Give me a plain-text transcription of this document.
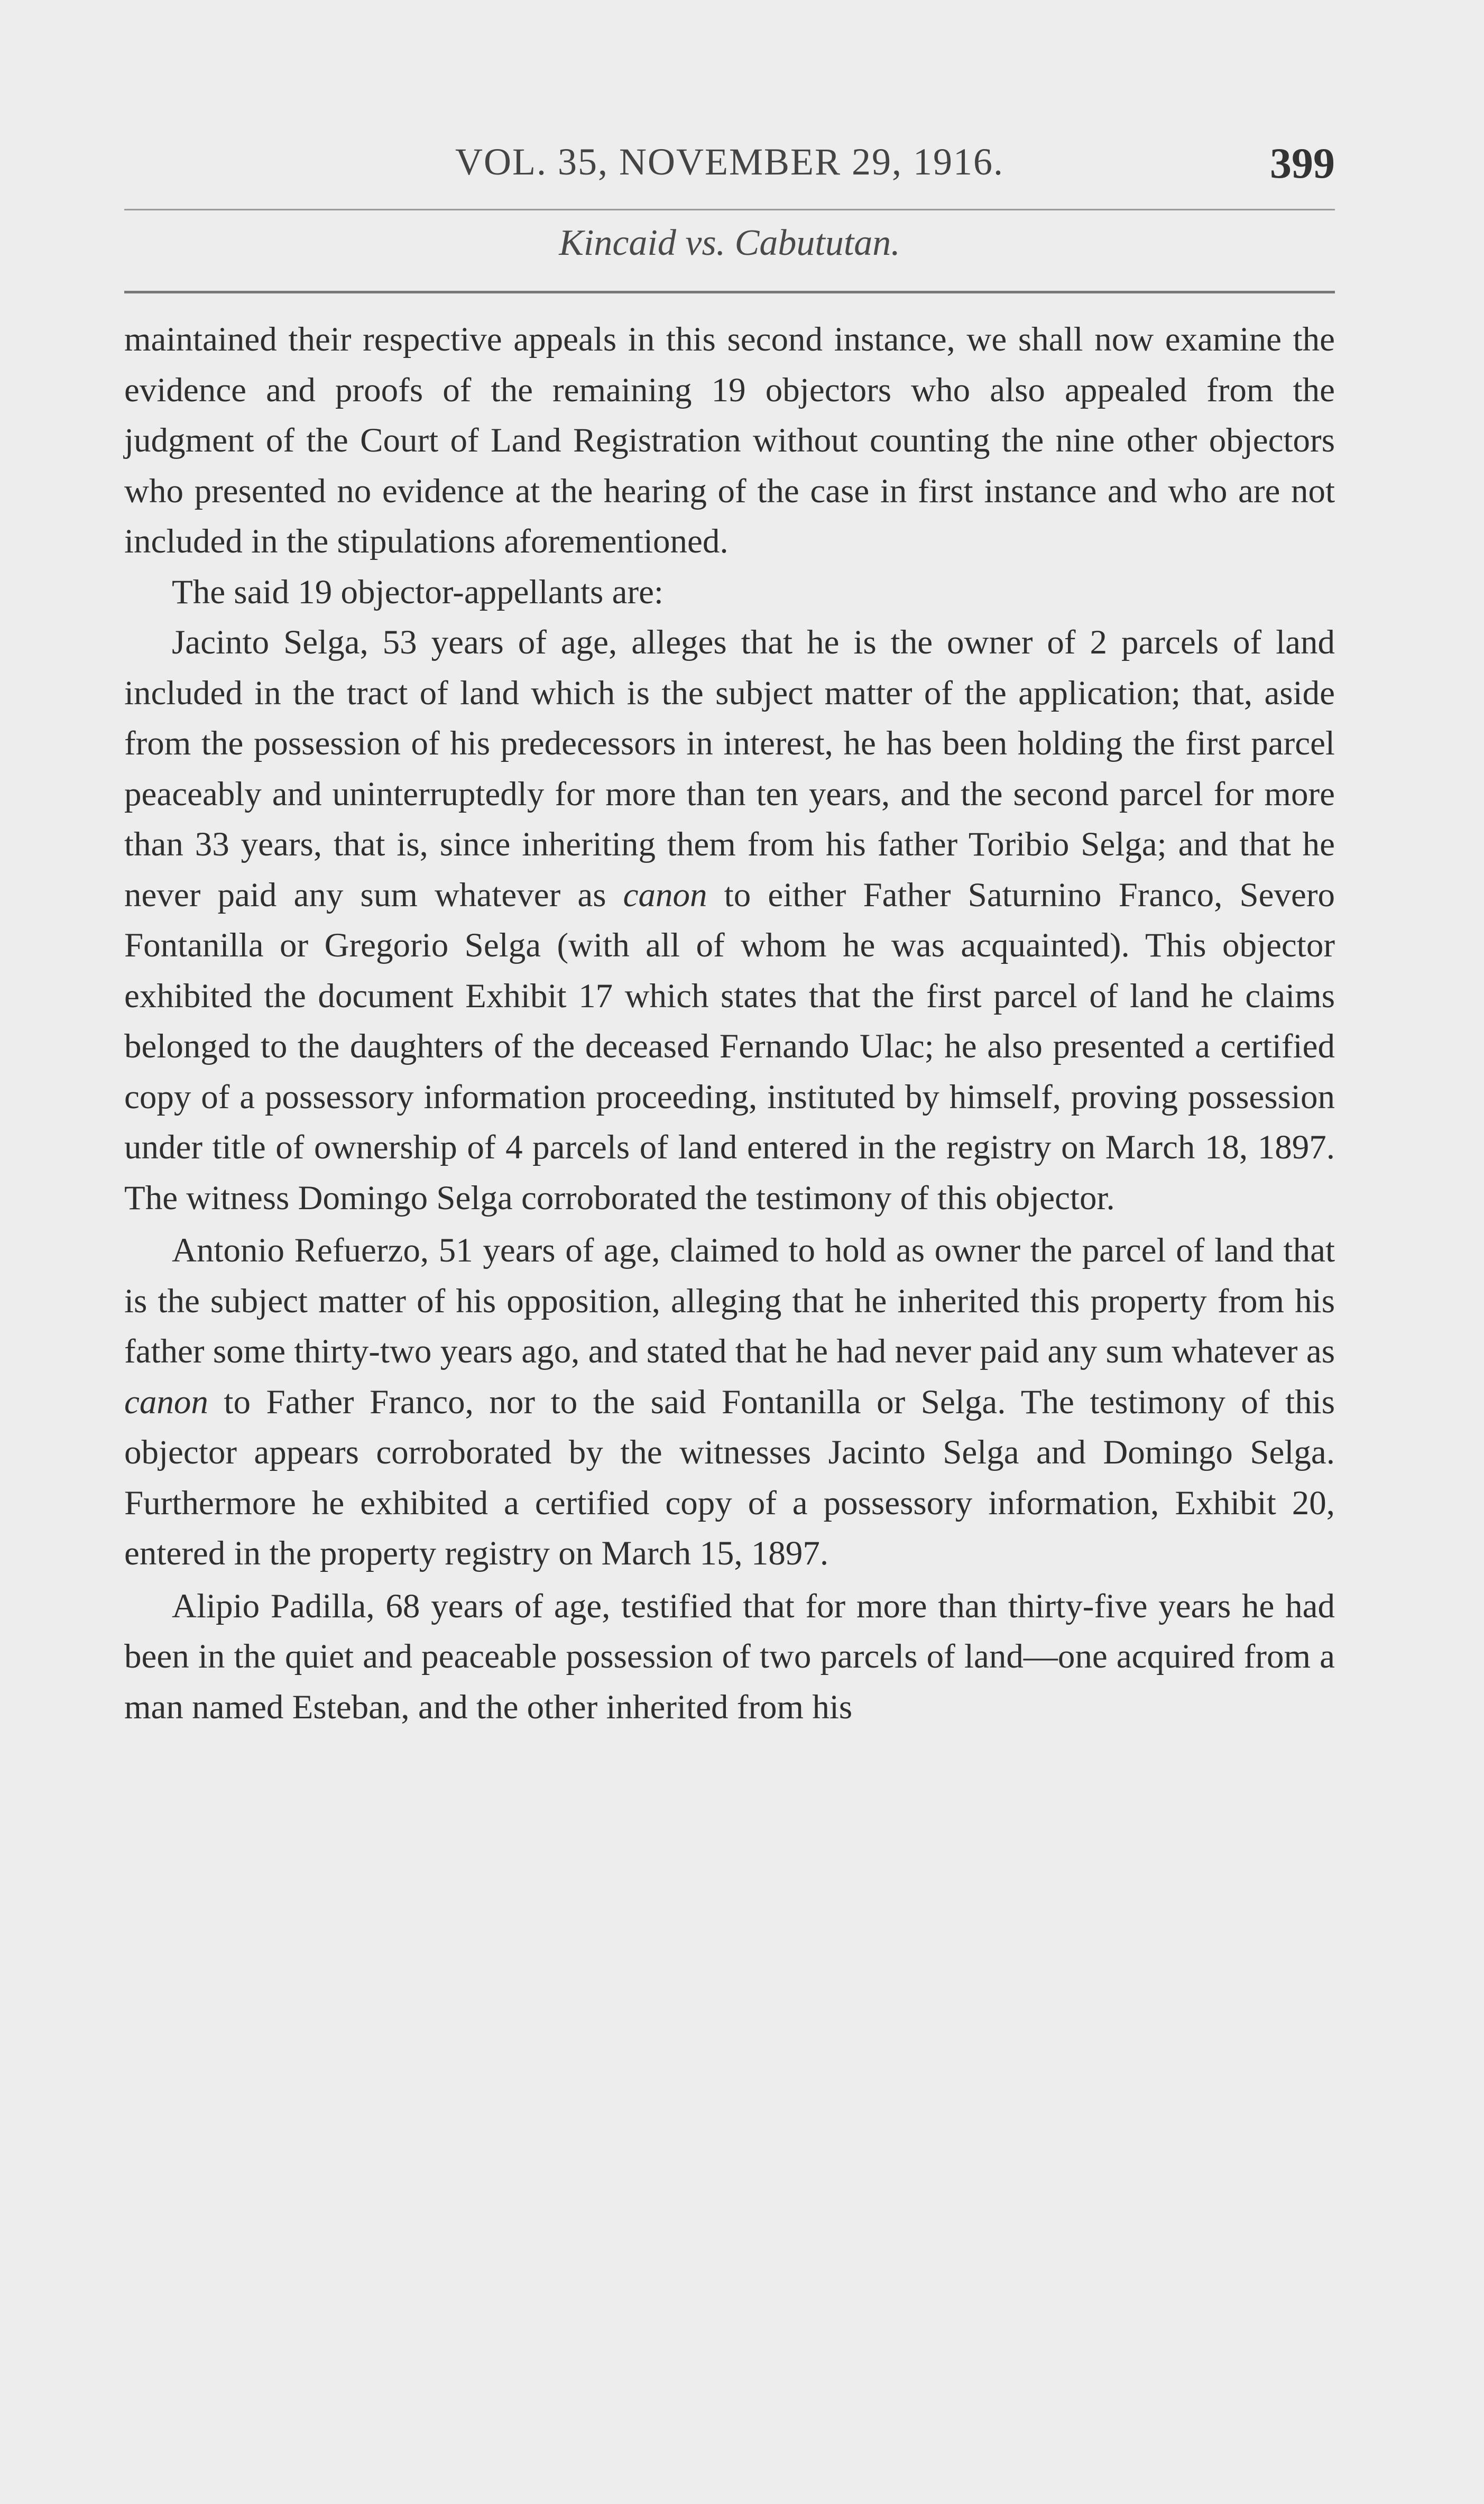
VOL. 35, NOVEMBER 29, 1916.	399
Kincaid vs. Cabututan.

maintained their respective appeals in this second instance, we shall now examine the evidence and proofs of the remaining 19 objectors who also appealed from the judgment of the Court of Land Registration without counting the nine other objectors who presented no evidence at the hearing of the case in first instance and who are not included in the stipulations aforementioned.

The said 19 objector-appellants are:

Jacinto Selga, 53 years of age, alleges that he is the owner of 2 parcels of land included in the tract of land which is the subject matter of the application; that, aside from the possession of his predecessors in interest, he has been holding the first parcel peaceably and uninterruptedly for more than ten years, and the second parcel for more than 33 years, that is, since inheriting them from his father Toribio Selga; and that he never paid any sum whatever as canon to either Father Saturnino Franco, Severo Fontanilla or Gregorio Selga (with all of whom he was acquainted). This objector exhibited the document Exhibit 17 which states that the first parcel of land he claims belonged to the daughters of the deceased Fernando Ulac; he also presented a certified copy of a possessory information proceeding, instituted by himself, proving possession under title of ownership of 4 parcels of land entered in the registry on March 18, 1897. The witness Domingo Selga corroborated the testimony of this objector.

Antonio Refuerzo, 51 years of age, claimed to hold as owner the parcel of land that is the subject matter of his opposition, alleging that he inherited this property from his father some thirty-two years ago, and stated that he had never paid any sum whatever as canon to Father Franco, nor to the said Fontanilla or Selga. The testimony of this objector appears corroborated by the witnesses Jacinto Selga and Domingo Selga. Furthermore he exhibited a certified copy of a possessory information, Exhibit 20, entered in the property registry on March 15, 1897.

Alipio Padilla, 68 years of age, testified that for more than thirty-five years he had been in the quiet and peaceable possession of two parcels of land—one acquired from a man named Esteban, and the other inherited from his
